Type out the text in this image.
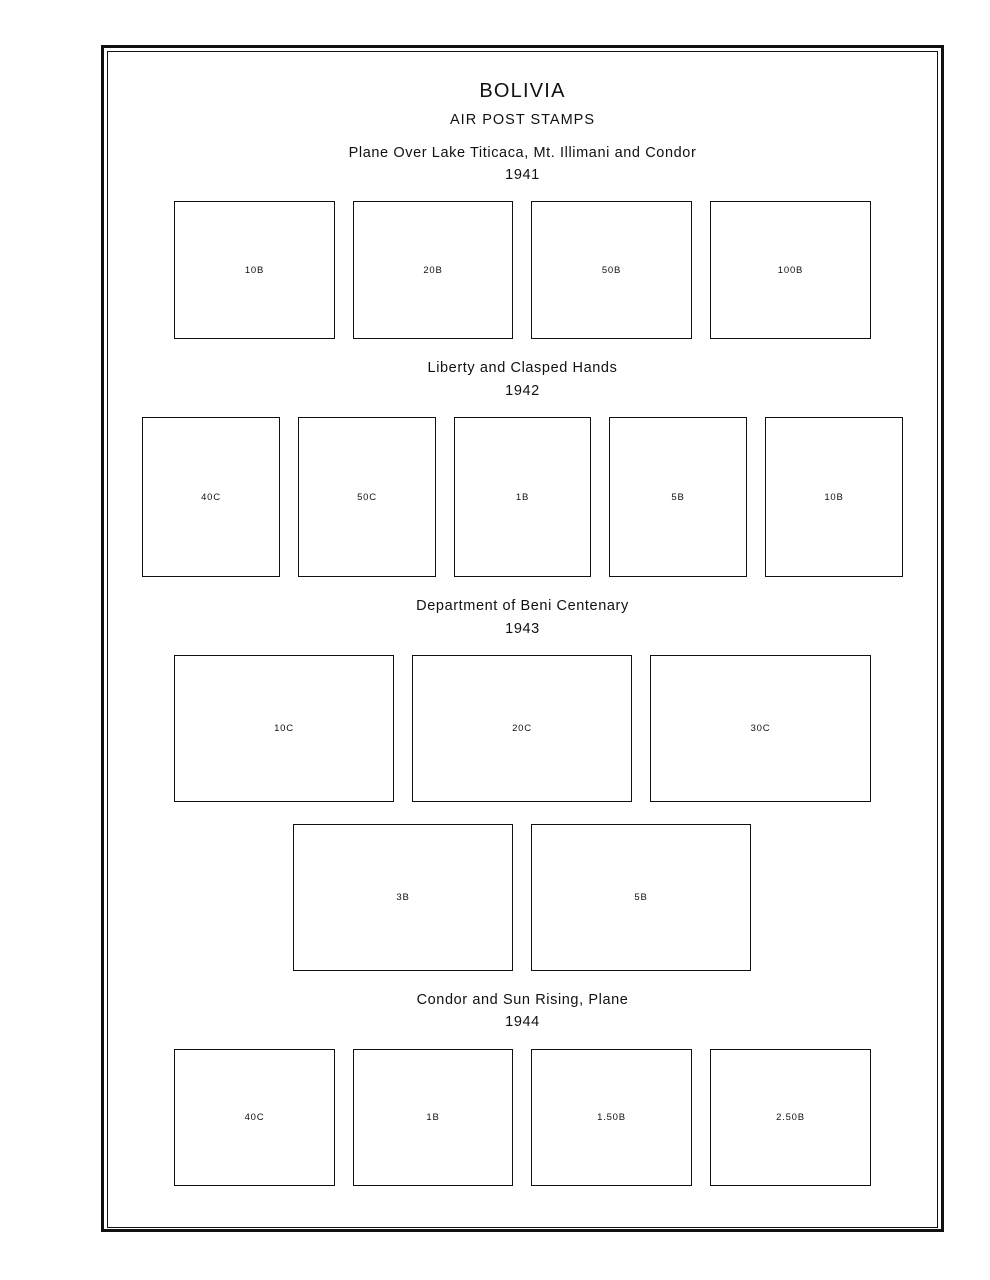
BOLIVIA
AIR POST STAMPS
Plane Over Lake Titicaca, Mt. Illimani and Condor
1941
10B	20B	50B	100B
Liberty and Clasped Hands
1942
40C	50C	1B	5B	10B
Department of Beni Centenary
1943
10C	20C	30C
3B	5B
Condor and Sun Rising, Plane
1944
40C	1B	1.50B	2.50B
